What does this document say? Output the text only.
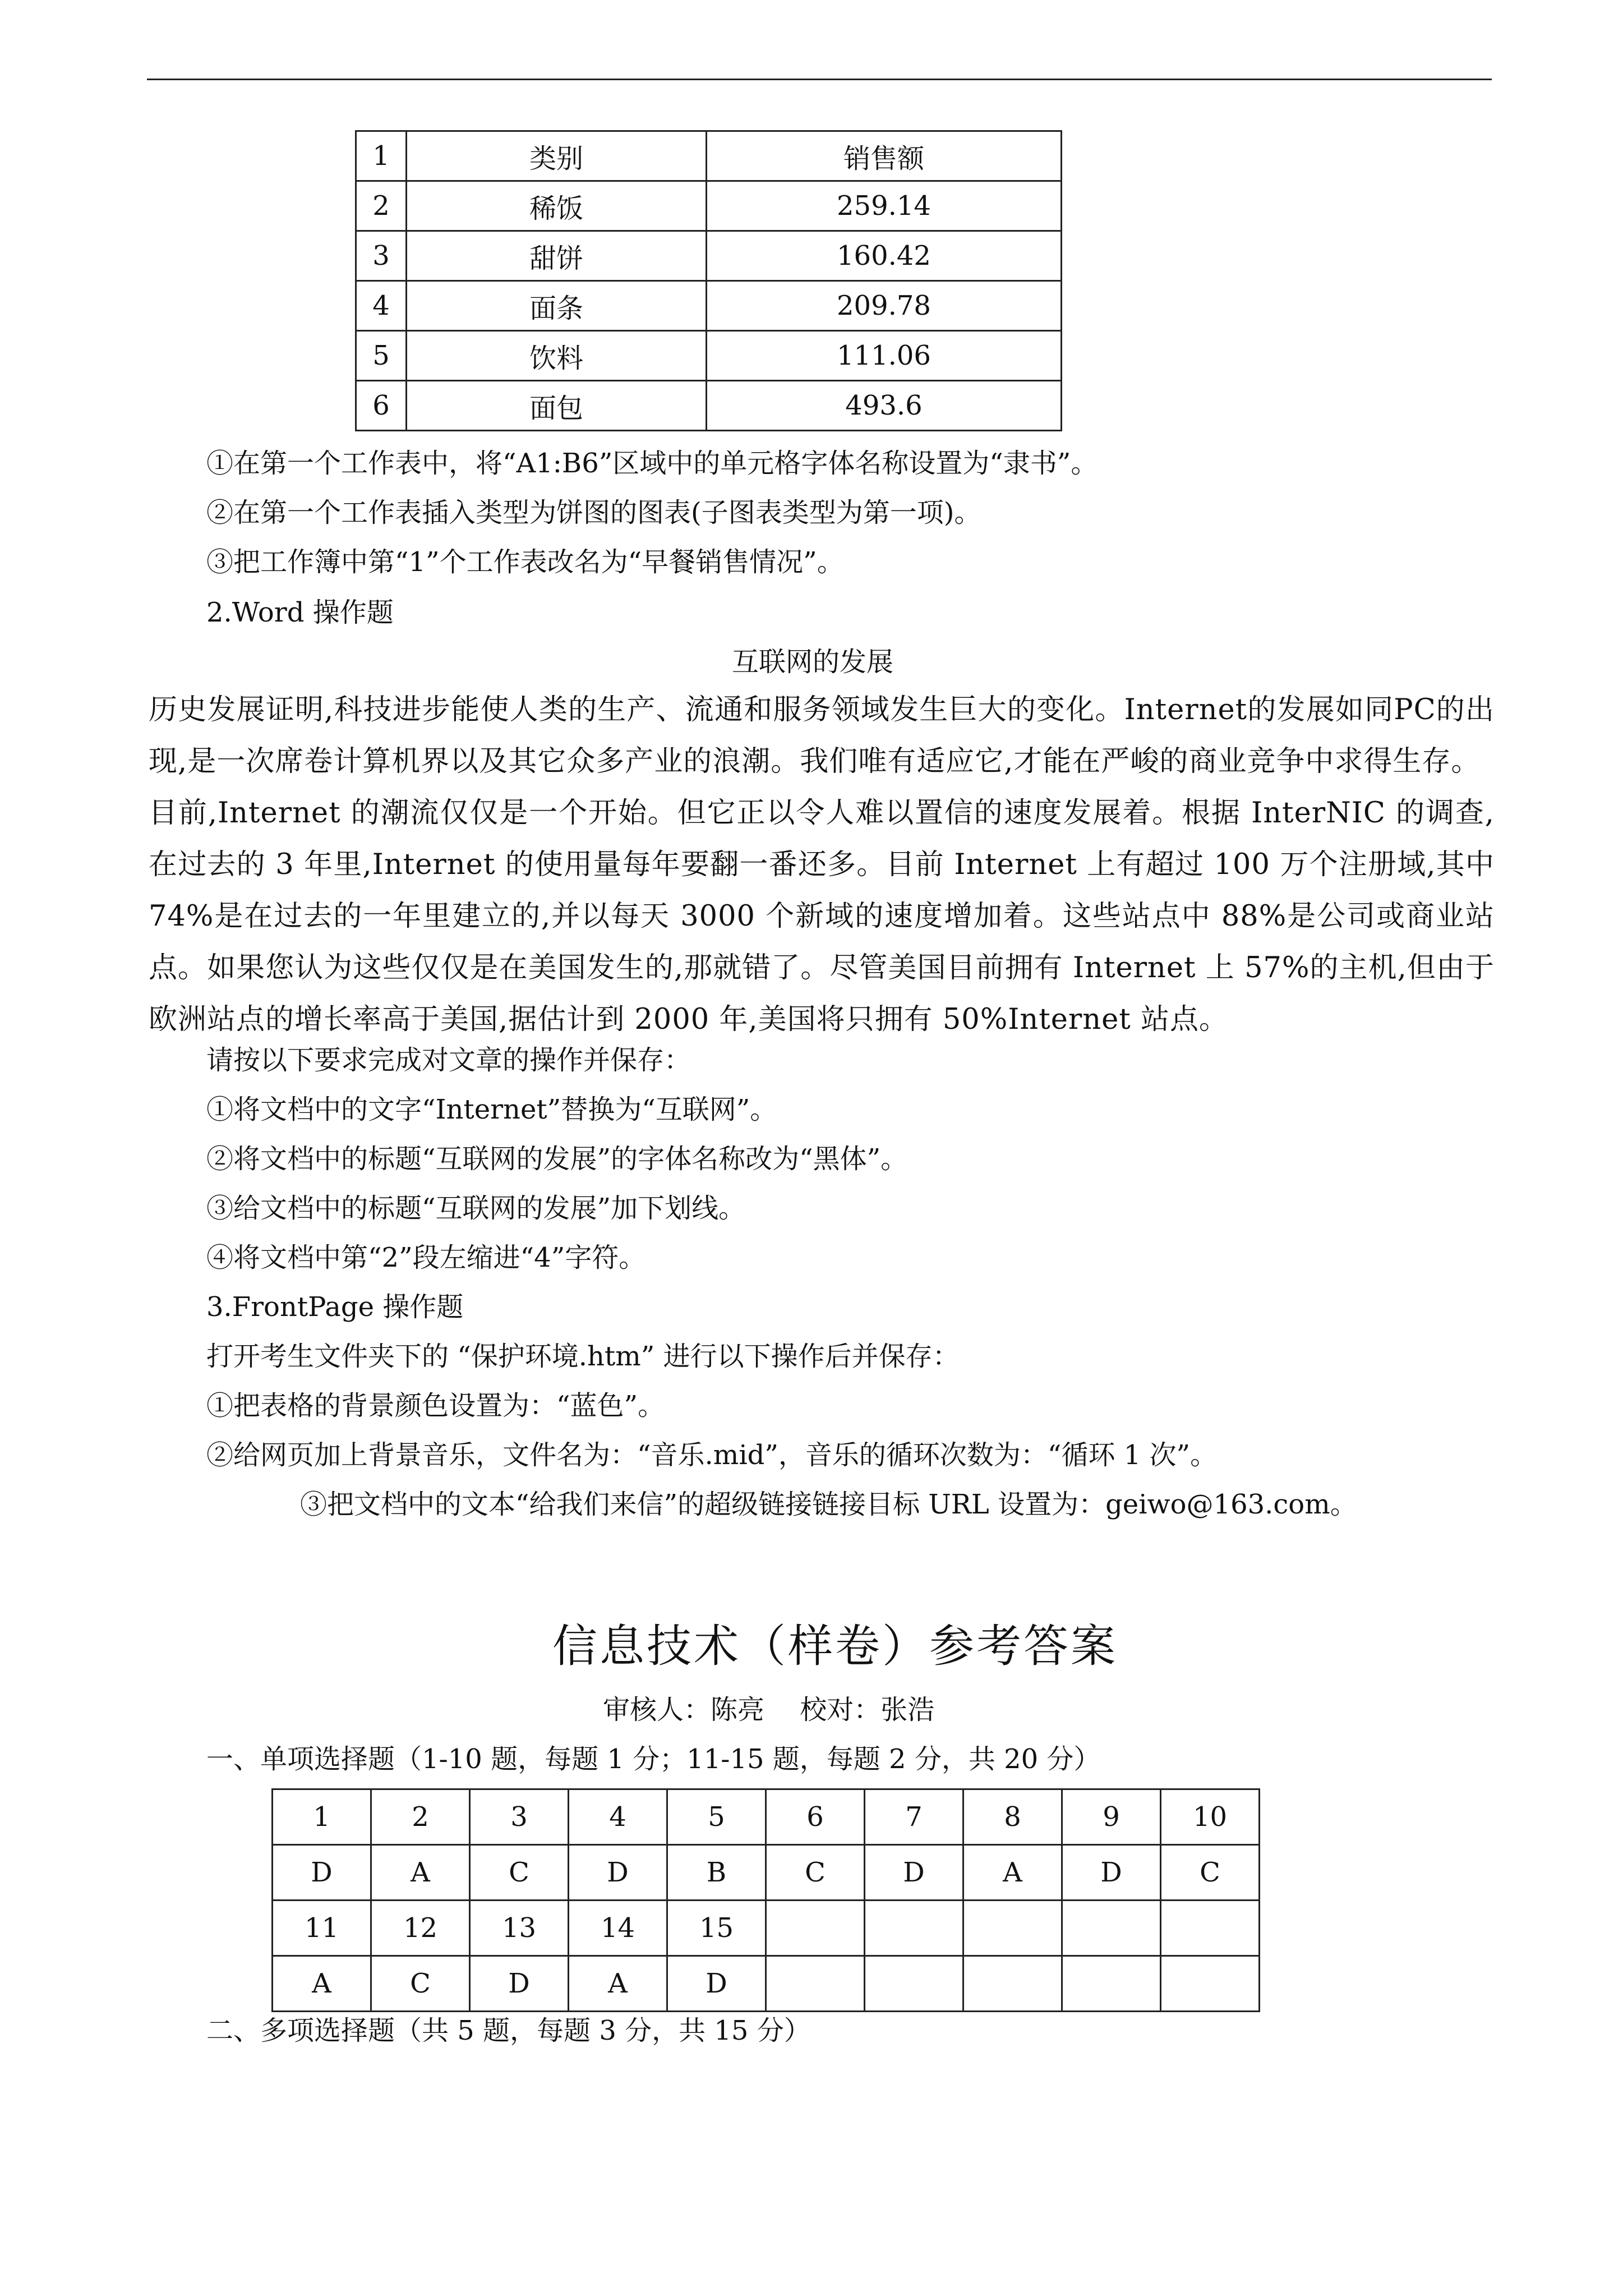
1	类别	销售额
2	稀饭	259.14
3	甜饼	160.42
4	面条	209.78
5	饮料	111.06
6	面包	493.6
①在第一个工作表中，将“A1:B6”区域中的单元格字体名称设置为“隶书”。
②在第一个工作表插入类型为饼图的图表(子图表类型为第一项)。
③把工作簿中第“1”个工作表改名为“早餐销售情况”。
2.Word 操作题
互联网的发展
历史发展证明,科技进步能使人类的生产、流通和服务领域发生巨大的变化。Internet的发展如同PC的出现,是一次席卷计算机界以及其它众多产业的浪潮。我们唯有适应它,才能在严峻的商业竞争中求得生存。
目前,Internet 的潮流仅仅是一个开始。但它正以令人难以置信的速度发展着。根据 InterNIC 的调查,在过去的 3 年里,Internet 的使用量每年要翻一番还多。目前 Internet 上有超过 100 万个注册域,其中 74%是在过去的一年里建立的,并以每天 3000 个新域的速度增加着。这些站点中 88%是公司或商业站点。如果您认为这些仅仅是在美国发生的,那就错了。尽管美国目前拥有 Internet 上 57%的主机,但由于欧洲站点的增长率高于美国,据估计到 2000 年,美国将只拥有 50%Internet 站点。
请按以下要求完成对文章的操作并保存：
①将文档中的文字“Internet”替换为“互联网”。
②将文档中的标题“互联网的发展”的字体名称改为“黑体”。
③给文档中的标题“互联网的发展”加下划线。
④将文档中第“2”段左缩进“4”字符。
3.FrontPage 操作题
打开考生文件夹下的 “保护环境.htm” 进行以下操作后并保存：
①把表格的背景颜色设置为：“蓝色”。
②给网页加上背景音乐，文件名为：“音乐.mid”，音乐的循环次数为：“循环 1 次”。
③把文档中的文本“给我们来信”的超级链接链接目标 URL 设置为：geiwo@163.com。
信息技术（样卷）参考答案
审核人：陈亮　 校对：张浩
一、单项选择题（1-10 题，每题 1 分；11-15 题，每题 2 分，共 20 分）
1	2	3	4	5	6	7	8	9	10
D	A	C	D	B	C	D	A	D	C
11	12	13	14	15					
A	C	D	A	D					
二、多项选择题（共 5 题，每题 3 分，共 15 分）
